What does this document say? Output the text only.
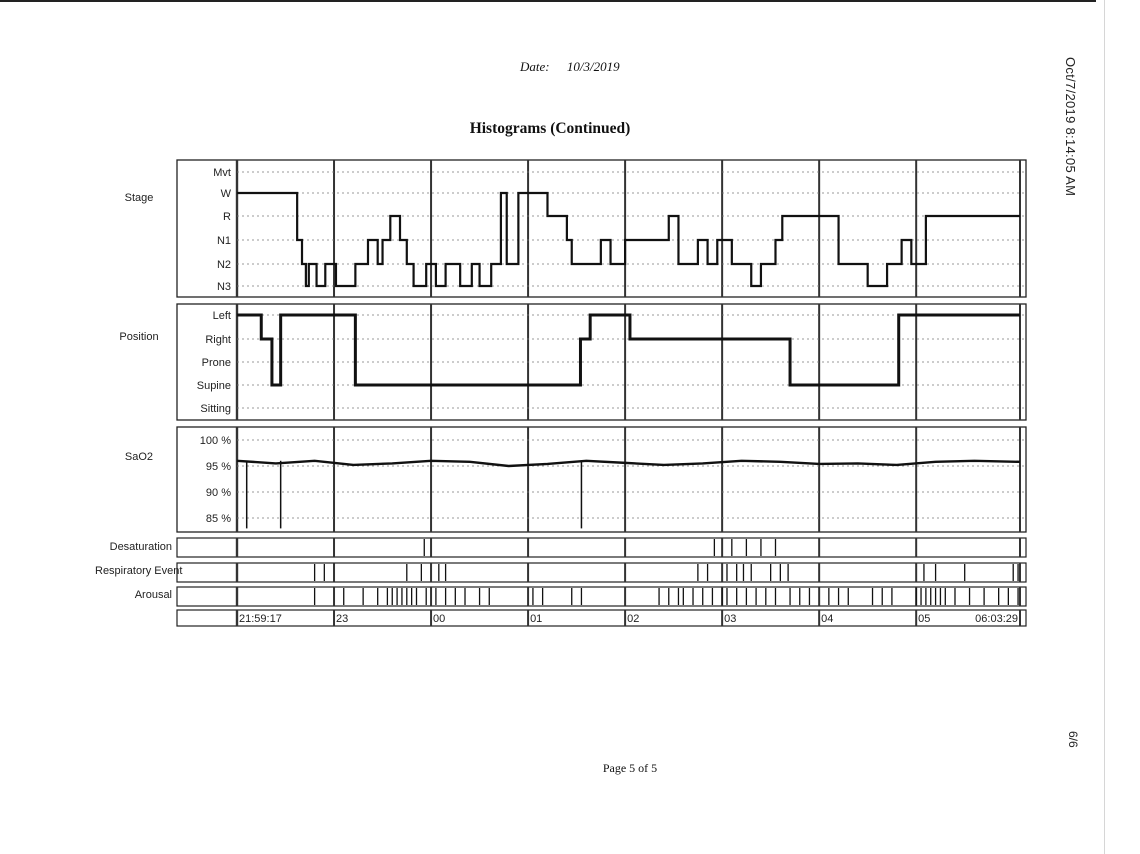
Date: 10/3/2019
Histograms (Continued)	Oct/7/2019 8:14:05 AM
6/6
Stage
Position
SaO2
Desaturation
Respiratory Event
Arousal
Mvt
W
R
N1
N2
N3
Left
Right
Prone
Supine
Sitting
100 %
95 %
90 %
85 %
21:59:17	23	00	01	02	03	04	05	06:03:29
Page 5 of 5
